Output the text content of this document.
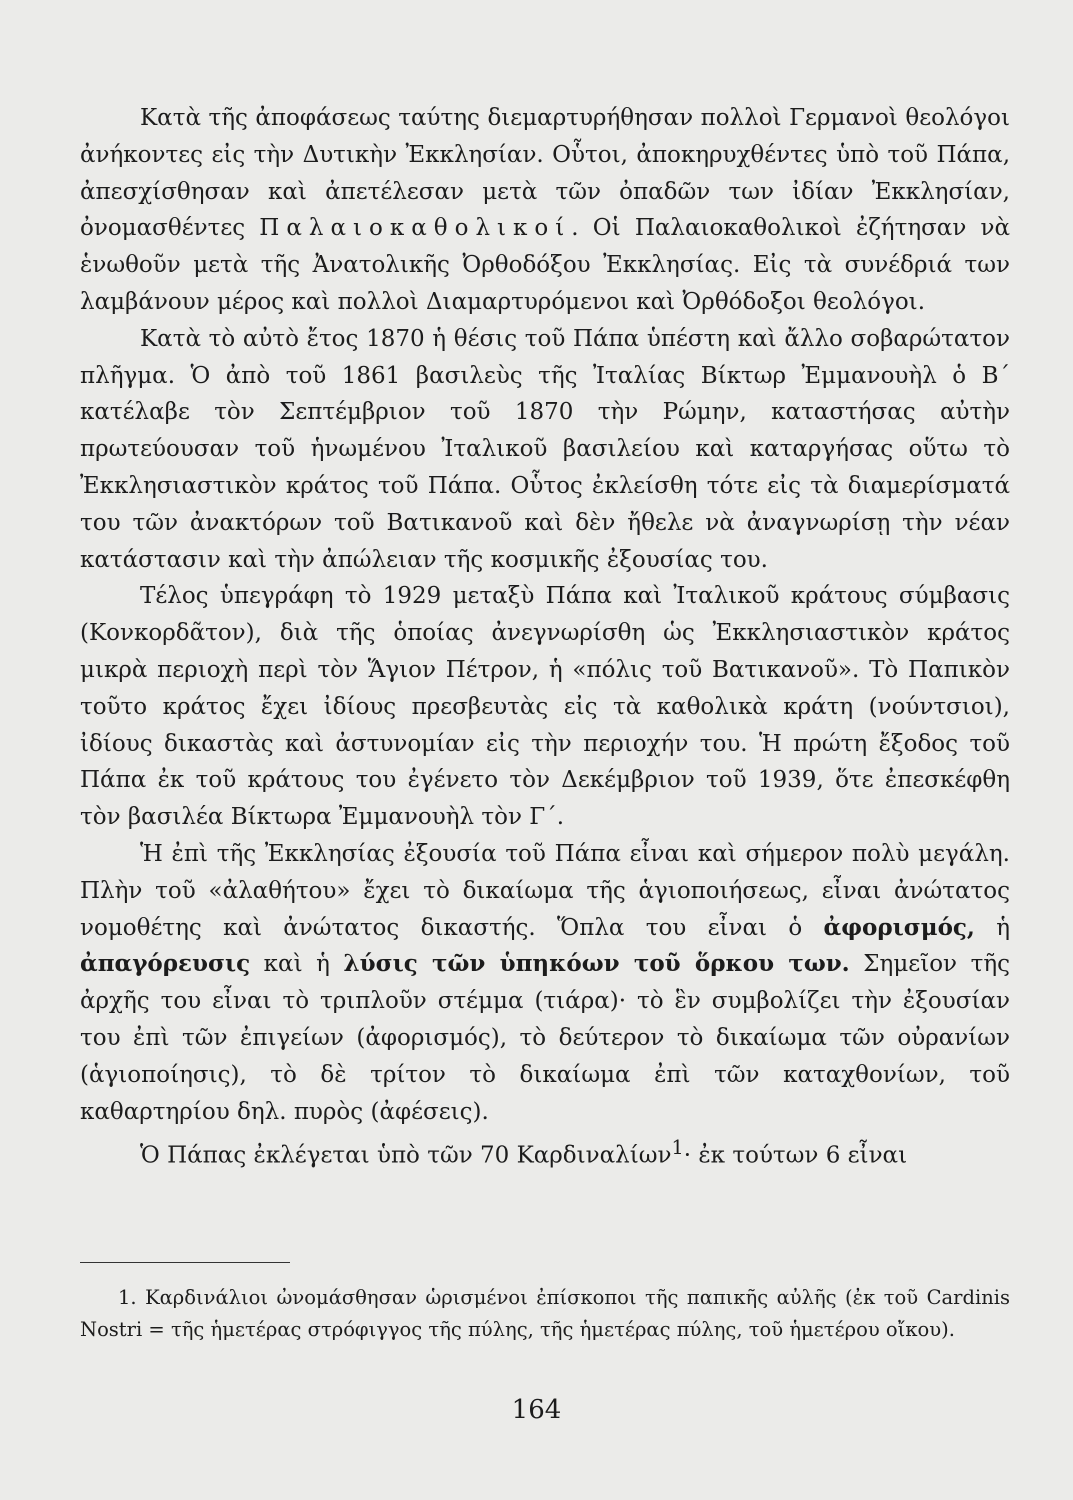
Κατὰ τῆς ἀποφάσεως ταύτης διεμαρτυρήθησαν πολλοὶ Γερμανοὶ θεολόγοι ἀνήκοντες εἰς τὴν Δυτικὴν Ἐκκλησίαν. Οὗτοι, ἀποκηρυχθέντες ὑπὸ τοῦ Πάπα, ἀπεσχίσθησαν καὶ ἀπετέλεσαν μετὰ τῶν ὀπαδῶν των ἰδίαν Ἐκκλησίαν, ὀνομασθέντες Παλαιοκαθολικοί. Οἱ Παλαιοκαθολικοὶ ἐζήτησαν νὰ ἑνωθοῦν μετὰ τῆς Ἀνατολικῆς Ὀρθοδόξου Ἐκκλησίας. Εἰς τὰ συνέδριά των λαμβάνουν μέρος καὶ πολλοὶ Διαμαρτυρόμενοι καὶ Ὀρθόδοξοι θεολόγοι.

Κατὰ τὸ αὐτὸ ἔτος 1870 ἡ θέσις τοῦ Πάπα ὑπέστη καὶ ἄλλο σοβαρώτατον πλῆγμα. Ὁ ἀπὸ τοῦ 1861 βασιλεὺς τῆς Ἰταλίας Βίκτωρ Ἐμμανουὴλ ὁ Β΄ κατέλαβε τὸν Σεπτέμβριον τοῦ 1870 τὴν Ρώμην, καταστήσας αὐτὴν πρωτεύουσαν τοῦ ἡνωμένου Ἰταλικοῦ βασιλείου καὶ καταργήσας οὕτω τὸ Ἐκκλησιαστικὸν κράτος τοῦ Πάπα. Οὗτος ἐκλείσθη τότε εἰς τὰ διαμερίσματά του τῶν ἀνακτόρων τοῦ Βατικανοῦ καὶ δὲν ἤθελε νὰ ἀναγνωρίσῃ τὴν νέαν κατάστασιν καὶ τὴν ἀπώλειαν τῆς κοσμικῆς ἐξουσίας του.

Τέλος ὑπεγράφη τὸ 1929 μεταξὺ Πάπα καὶ Ἰταλικοῦ κράτους σύμβασις (Κονκορδᾶτον), διὰ τῆς ὁποίας ἀνεγνωρίσθη ὡς Ἐκκλησιαστικὸν κράτος μικρὰ περιοχὴ περὶ τὸν Ἅγιον Πέτρον, ἡ «πόλις τοῦ Βατικανοῦ». Τὸ Παπικὸν τοῦτο κράτος ἔχει ἰδίους πρεσβευτὰς εἰς τὰ καθολικὰ κράτη (νούντσιοι), ἰδίους δικαστὰς καὶ ἀστυνομίαν εἰς τὴν περιοχήν του. Ἡ πρώτη ἔξοδος τοῦ Πάπα ἐκ τοῦ κράτους του ἐγένετο τὸν Δεκέμβριον τοῦ 1939, ὅτε ἐπεσκέφθη τὸν βασιλέα Βίκτωρα Ἐμμανουὴλ τὸν Γ΄.

Ἡ ἐπὶ τῆς Ἐκκλησίας ἐξουσία τοῦ Πάπα εἶναι καὶ σήμερον πολὺ μεγάλη. Πλὴν τοῦ «ἀλαθήτου» ἔχει τὸ δικαίωμα τῆς ἁγιοποιήσεως, εἶναι ἀνώτατος νομοθέτης καὶ ἀνώτατος δικαστής. Ὅπλα του εἶναι ὁ ἀφορισμός, ἡ ἀπαγόρευσις καὶ ἡ λύσις τῶν ὑπηκόων τοῦ ὅρκου των. Σημεῖον τῆς ἀρχῆς του εἶναι τὸ τριπλοῦν στέμμα (τιάρα)· τὸ ἓν συμβολίζει τὴν ἐξουσίαν του ἐπὶ τῶν ἐπιγείων (ἀφορισμός), τὸ δεύτερον τὸ δικαίωμα τῶν οὐρανίων (ἁγιοποίησις), τὸ δὲ τρίτον τὸ δικαίωμα ἐπὶ τῶν καταχθονίων, τοῦ καθαρτηρίου δηλ. πυρὸς (ἀφέσεις).

Ὁ Πάπας ἐκλέγεται ὑπὸ τῶν 70 Καρδιναλίων$^1$· ἐκ τούτων 6 εἶναι

1. Καρδινάλιοι ὠνομάσθησαν ὡρισμένοι ἐπίσκοποι τῆς παπικῆς αὐλῆς (ἐκ τοῦ Cardinis Nostri = τῆς ἡμετέρας στρόφιγγος τῆς πύλης, τῆς ἡμετέρας πύλης, τοῦ ἡμετέρου οἴκου).
164
